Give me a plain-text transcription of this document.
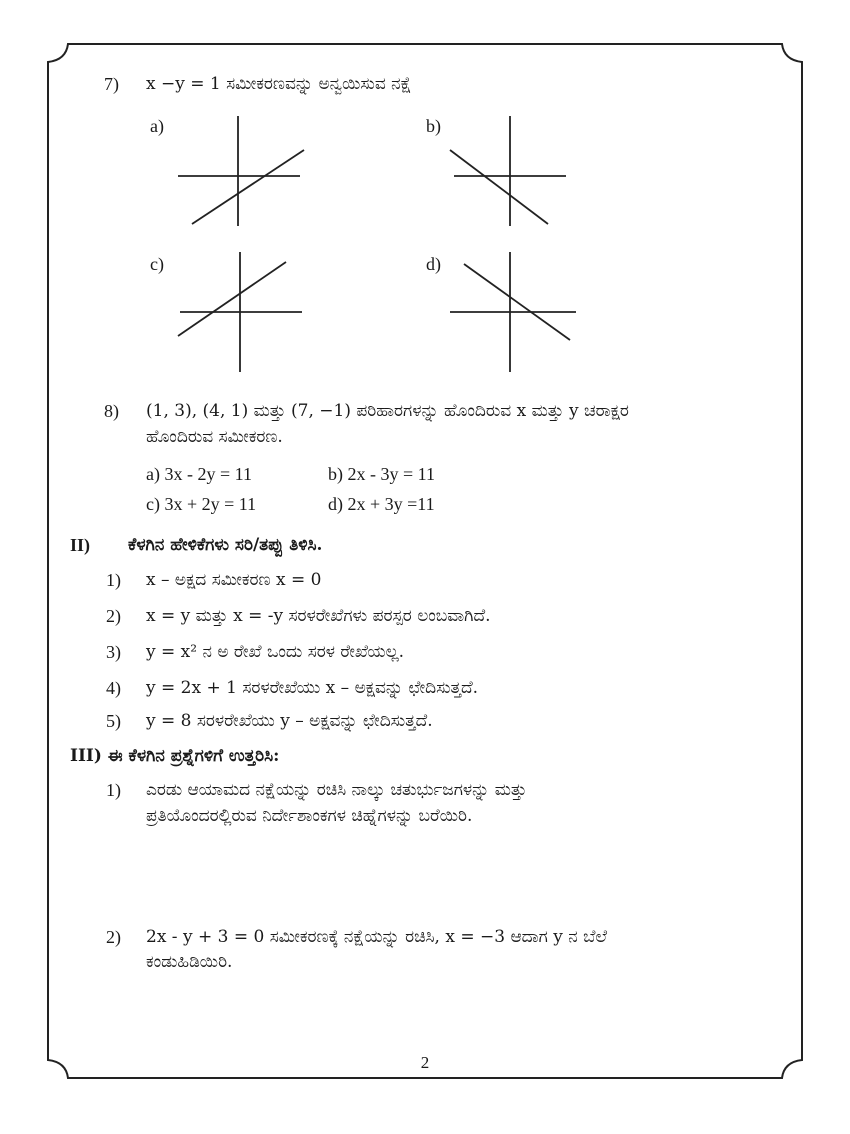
7) x −y = 1 ಸಮೀಕರಣವನ್ನು ಅನ್ವಯಿಸುವ ನಕ್ಷೆ
a)	b)
c)	d)
8) (1, 3), (4, 1) ಮತ್ತು (7, −1) ಪರಿಹಾರಗಳನ್ನು ಹೊಂದಿರುವ x ಮತ್ತು y ಚರಾಕ್ಷರ
ಹೊಂದಿರುವ ಸಮೀಕರಣ.
a) 3x - 2y = 11	b) 2x - 3y = 11
c) 3x + 2y = 11	d) 2x + 3y =11
II) ಕೆಳಗಿನ ಹೇಳಿಕೆಗಳು ಸರಿ/ತಪ್ಪು ತಿಳಿಸಿ.
1) x – ಅಕ್ಷದ ಸಮೀಕರಣ x = 0
2) x = y ಮತ್ತು x = -y ಸರಳರೇಖೆಗಳು ಪರಸ್ಪರ ಲಂಬವಾಗಿದೆ.
3) y = x² ನ ಅ ರೇಖೆ ಒಂದು ಸರಳ ರೇಖೆಯಲ್ಲ.
4) y = 2x + 1 ಸರಳರೇಖೆಯು x – ಅಕ್ಷವನ್ನು ಛೇದಿಸುತ್ತದೆ.
5) y = 8 ಸರಳರೇಖೆಯು y – ಅಕ್ಷವನ್ನು ಛೇದಿಸುತ್ತದೆ.
III) ಈ ಕೆಳಗಿನ ಪ್ರಶ್ನೆಗಳಿಗೆ ಉತ್ತರಿಸಿ:
1) ಎರಡು ಆಯಾಮದ ನಕ್ಷೆಯನ್ನು ರಚಿಸಿ ನಾಲ್ಕು ಚತುರ್ಭುಜಗಳನ್ನು ಮತ್ತು
ಪ್ರತಿಯೊಂದರಲ್ಲಿರುವ ನಿರ್ದೇಶಾಂಕಗಳ ಚಿಹ್ನೆಗಳನ್ನು ಬರೆಯಿರಿ.
2) 2x - y + 3 = 0 ಸಮೀಕರಣಕ್ಕೆ ನಕ್ಷೆಯನ್ನು ರಚಿಸಿ, x = −3 ಆದಾಗ y ನ ಬೆಲೆ
ಕಂಡುಹಿಡಿಯಿರಿ.
2
